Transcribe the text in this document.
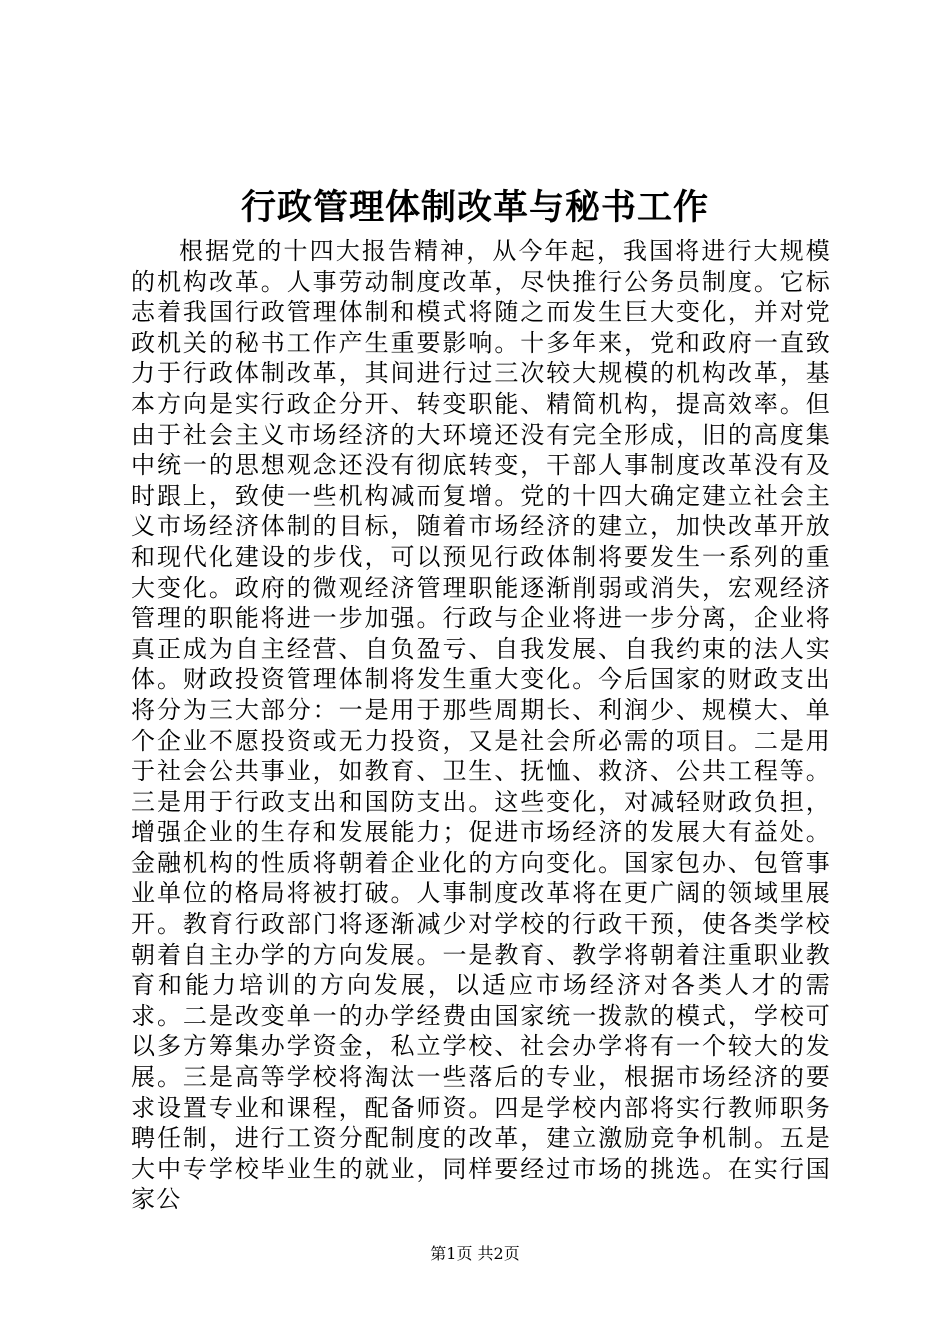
行政管理体制改革与秘书工作

根据党的十四大报告精神，从今年起，我国将进行大规模的机构改革。人事劳动制度改革，尽快推行公务员制度。它标志着我国行政管理体制和模式将随之而发生巨大变化，并对党政机关的秘书工作产生重要影响。十多年来，党和政府一直致力于行政体制改革，其间进行过三次较大规模的机构改革，基本方向是实行政企分开、转变职能、精简机构，提高效率。但由于社会主义市场经济的大环境还没有完全形成，旧的高度集中统一的思想观念还没有彻底转变，干部人事制度改革没有及时跟上，致使一些机构减而复增。党的十四大确定建立社会主义市场经济体制的目标，随着市场经济的建立，加快改革开放和现代化建设的步伐，可以预见行政体制将要发生一系列的重大变化。政府的微观经济管理职能逐渐削弱或消失，宏观经济管理的职能将进一步加强。行政与企业将进一步分离，企业将真正成为自主经营、自负盈亏、自我发展、自我约束的法人实体。财政投资管理体制将发生重大变化。今后国家的财政支出将分为三大部分：一是用于那些周期长、利润少、规模大、单个企业不愿投资或无力投资，又是社会所必需的项目。二是用于社会公共事业，如教育、卫生、抚恤、救济、公共工程等。三是用于行政支出和国防支出。这些变化，对减轻财政负担，增强企业的生存和发展能力；促进市场经济的发展大有益处。金融机构的性质将朝着企业化的方向变化。国家包办、包管事业单位的格局将被打破。人事制度改革将在更广阔的领域里展开。教育行政部门将逐渐减少对学校的行政干预，使各类学校朝着自主办学的方向发展。一是教育、教学将朝着注重职业教育和能力培训的方向发展，以适应市场经济对各类人才的需求。二是改变单一的办学经费由国家统一拨款的模式，学校可以多方筹集办学资金，私立学校、社会办学将有一个较大的发展。三是高等学校将淘汰一些落后的专业，根据市场经济的要求设置专业和课程，配备师资。四是学校内部将实行教师职务聘任制，进行工资分配制度的改革，建立激励竞争机制。五是大中专学校毕业生的就业，同样要经过市场的挑选。在实行国家公

第1页 共2页
